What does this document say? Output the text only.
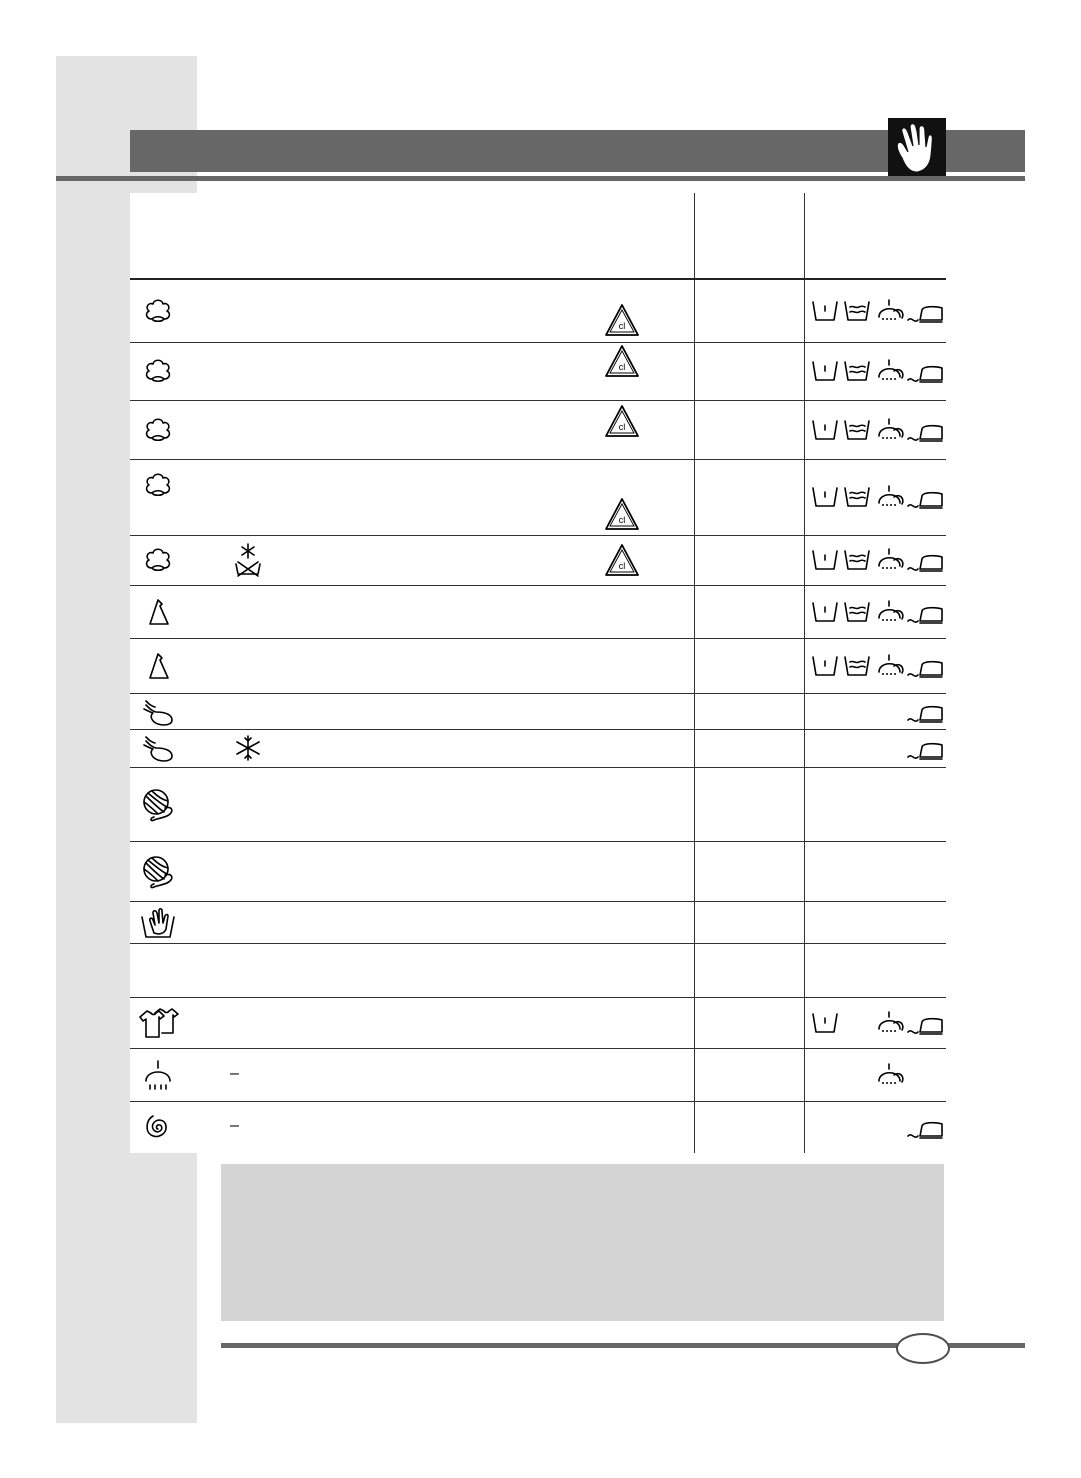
cl
cl
cl
cl
cl
–
–
